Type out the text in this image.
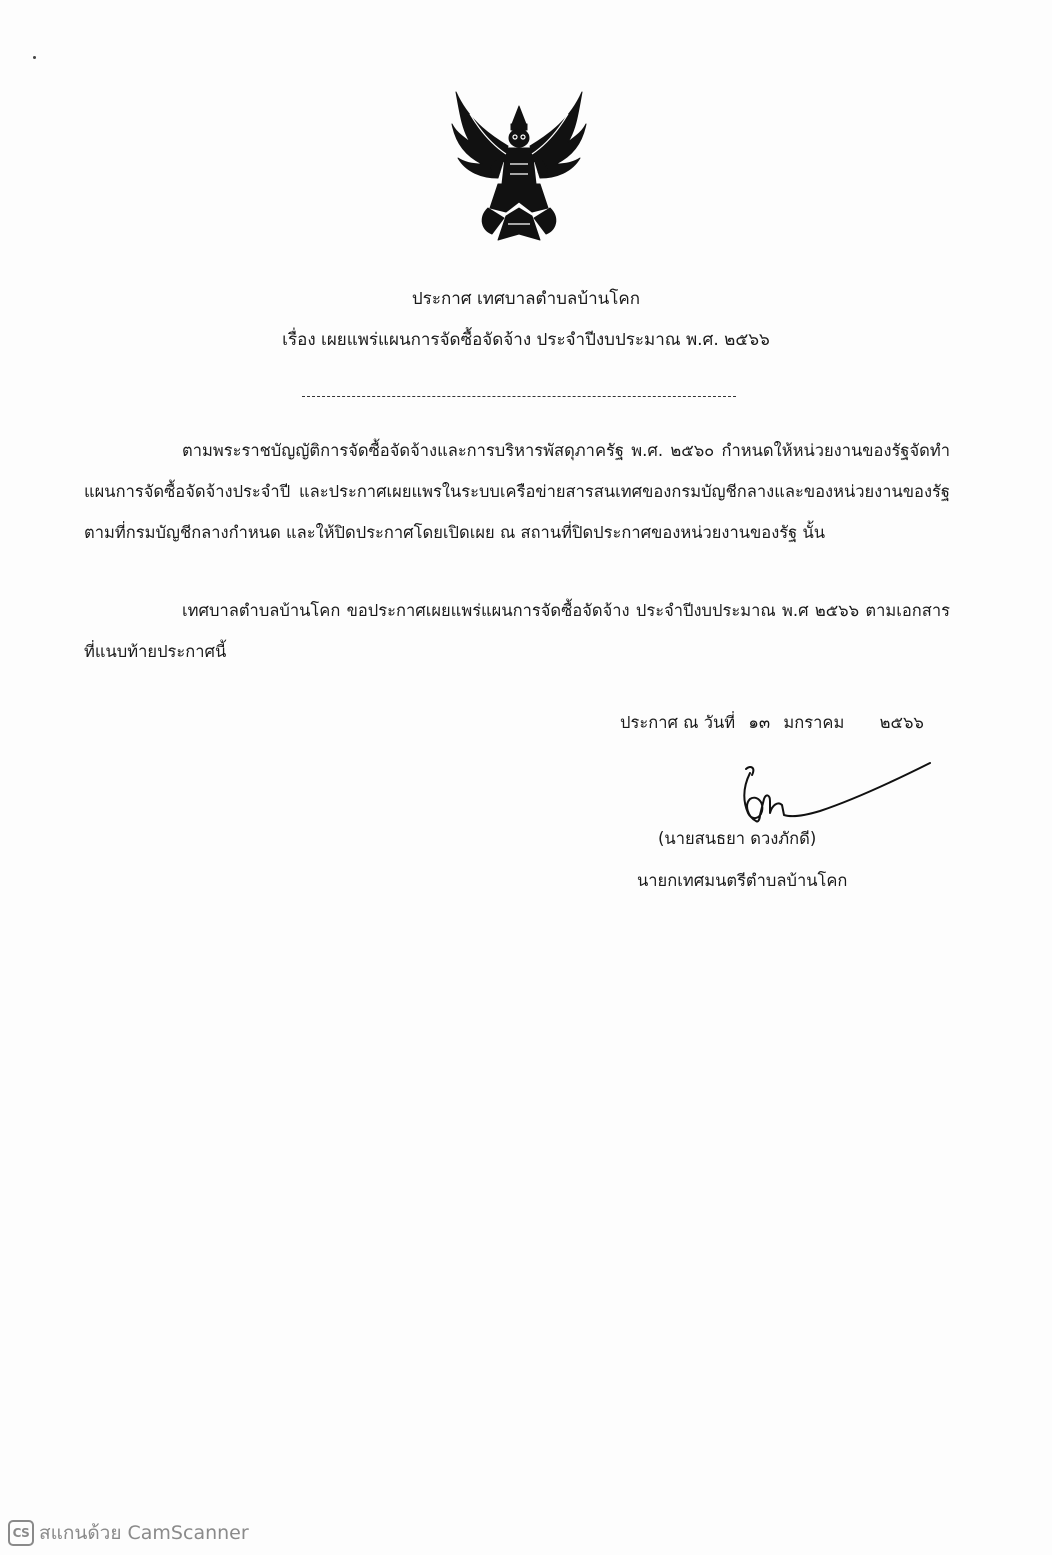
ประกาศ เทศบาลตำบลบ้านโคก
เรื่อง เผยแพร่แผนการจัดซื้อจัดจ้าง ประจำปีงบประมาณ พ.ศ. ๒๕๖๖
ตามพระราชบัญญัติการจัดซื้อจัดจ้างและการบริหารพัสดุภาครัฐ พ.ศ. ๒๕๖๐ กำหนดให้หน่วยงานของรัฐจัดทำแผนการจัดซื้อจัดจ้างประจำปี และประกาศเผยแพรในระบบเครือข่ายสารสนเทศของกรมบัญชีกลางและของหน่วยงานของรัฐตามที่กรมบัญชีกลางกำหนด และให้ปิดประกาศโดยเปิดเผย ณ สถานที่ปิดประกาศของหน่วยงานของรัฐ นั้น
เทศบาลตำบลบ้านโคก ขอประกาศเผยแพร่แผนการจัดซื้อจัดจ้าง ประจำปีงบประมาณ พ.ศ ๒๕๖๖ ตามเอกสารที่แนบท้ายประกาศนี้
ประกาศ ณ วันที่ ๑๓ มกราคม ๒๕๖๖
(นายสนธยา ดวงภักดี)
นายกเทศมนตรีตำบลบ้านโคก
CS สแกนด้วย CamScanner
